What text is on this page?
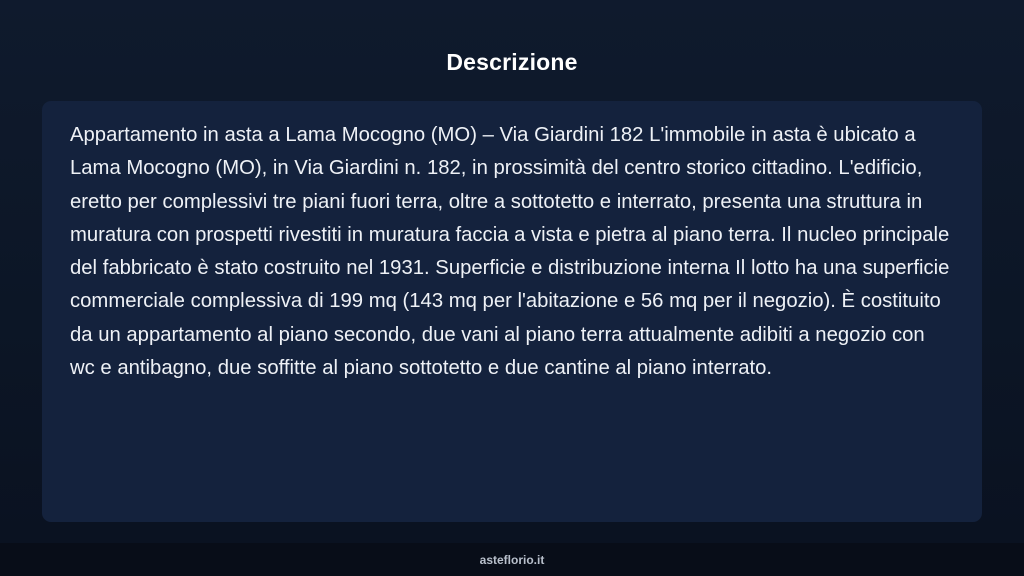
Descrizione

Appartamento in asta a Lama Mocogno (MO) – Via Giardini 182 L'immobile in asta è ubicato a Lama Mocogno (MO), in Via Giardini n. 182, in prossimità del centro storico cittadino. L'edificio, eretto per complessivi tre piani fuori terra, oltre a sottotetto e interrato, presenta una struttura in muratura con prospetti rivestiti in muratura faccia a vista e pietra al piano terra. Il nucleo principale del fabbricato è stato costruito nel 1931. Superficie e distribuzione interna Il lotto ha una superficie commerciale complessiva di 199 mq (143 mq per l'abitazione e 56 mq per il negozio). È costituito da un appartamento al piano secondo, due vani al piano terra attualmente adibiti a negozio con wc e antibagno, due soffitte al piano sottotetto e due cantine al piano interrato.

asteflorio.it
